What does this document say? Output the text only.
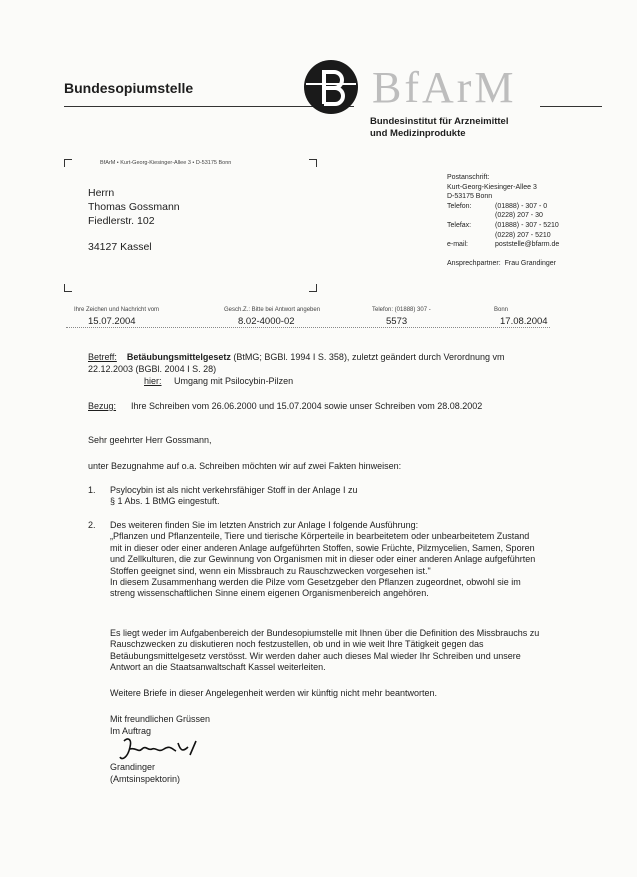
Bundesopiumstelle	BfArM
Bundesinstitut für Arzneimittel
und Medizinprodukte
BfArM • Kurt-Georg-Kiesinger-Allee 3 • D-53175 Bonn
Herrn
Thomas Gossmann
Fiedlerstr. 102
34127 Kassel
Postanschrift:
Kurt-Georg-Kiesinger-Allee 3
D-53175 Bonn
Telefon:	(01888) - 307 - 0
(0228) 207 - 30
Telefax:	(01888) - 307 - 5210
(0228) 207 - 5210
e-mail:	poststelle@bfarm.de
Ansprechpartner:
Frau Grandinger
Ihre Zeichen und Nachricht vom
15.07.2004
Gesch.Z.: Bitte bei Antwort angeben
8.02-4000-02
Telefon: (01888) 307 -
5573
Bonn
17.08.2004
Betreff: Betäubungsmittelgesetz (BtMG; BGBl. 1994 I S. 358), zuletzt geändert durch Verordnung vm
22.12.2003 (BGBl. 2004 I S. 28)
hier: Umgang mit Psilocybin-Pilzen
Bezug: Ihre Schreiben vom 26.06.2000 und 15.07.2004 sowie unser Schreiben vom 28.08.2002
Sehr geehrter Herr Gossmann,
unter Bezugnahme auf o.a. Schreiben möchten wir auf zwei Fakten hinweisen:
1. Psylocybin ist als nicht verkehrsfähiger Stoff in der Anlage I zu
§ 1 Abs. 1 BtMG eingestuft.
2. Des weiteren finden Sie im letzten Anstrich zur Anlage I folgende Ausführung:
„Pflanzen und Pflanzenteile, Tiere und tierische Körperteile in bearbeitetem oder unbearbeitetem Zustand
mit in dieser oder einer anderen Anlage aufgeführten Stoffen, sowie Früchte, Pilzmycelien, Samen, Sporen
und Zellkulturen, die zur Gewinnung von Organismen mit in dieser oder einer anderen Anlage aufgeführten
Stoffen geeignet sind, wenn ein Missbrauch zu Rauschzwecken vorgesehen ist."
In diesem Zusammenhang werden die Pilze vom Gesetzgeber den Pflanzen zugeordnet, obwohl sie im
streng wissenschaftlichen Sinne einem eigenen Organismenbereich angehören.
Es liegt weder im Aufgabenbereich der Bundesopiumstelle mit Ihnen über die Definition des Missbrauchs zu
Rauschzwecken zu diskutieren noch festzustellen, ob und in wie weit Ihre Tätigkeit gegen das
Betäubungsmittelgesetz verstösst. Wir werden daher auch dieses Mal wieder Ihr Schreiben und unsere
Antwort an die Staatsanwaltschaft Kassel weiterleiten.
Weitere Briefe in dieser Angelegenheit werden wir künftig nicht mehr beantworten.
Mit freundlichen Grüssen
Im Auftrag
Grandinger
(Amtsinspektorin)
